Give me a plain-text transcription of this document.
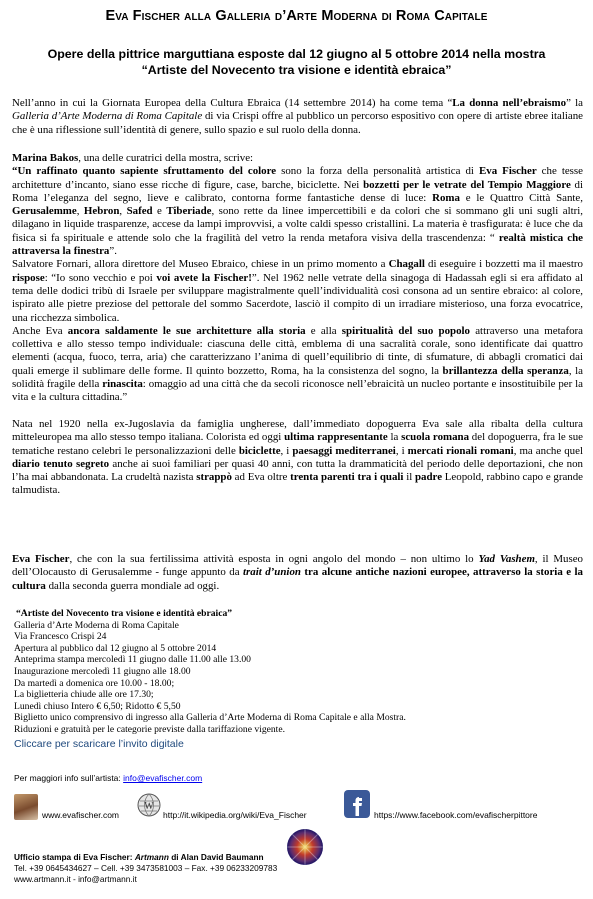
Eva Fischer alla Galleria d’Arte Moderna di Roma Capitale
Opere della pittrice marguttiana esposte dal 12 giugno al 5 ottobre 2014 nella mostra
“Artiste del Novecento tra visione e identità ebraica”
Nell’anno in cui la Giornata Europea della Cultura Ebraica (14 settembre 2014) ha come tema “La donna nell’ebraismo” la Galleria d’Arte Moderna di Roma Capitale di via Crispi offre al pubblico un percorso espositivo con opere di artiste ebree italiane che è una riflessione sull’identità di genere, sullo spazio e sul ruolo della donna.
Marina Bakos, una delle curatrici della mostra, scrive:
“Un raffinato quanto sapiente sfruttamento del colore sono la forza della personalità artistica di Eva Fischer che tesse architetture d’incanto, siano esse ricche di figure, case, barche, biciclette. Nei bozzetti per le vetrate del Tempio Maggiore di Roma l’eleganza del segno, lieve e calibrato, contorna forme fantastiche dense di luce: Roma e le Quattro Città Sante, Gerusalemme, Hebron, Safed e Tiberiade, sono rette da linee impercettibili e da colori che si sommano gli uni sugli altri, dilagano in liquide trasparenze, accese da lampi improvvisi, a volte caldi spesso cristallini. La materia è trasfigurata: è luce che da fisica si fa spirituale e attende solo che la fragilità del vetro la renda metafora visiva della trascendenza: “ realtà mistica che attraversa la finestra”.
Salvatore Fornari, allora direttore del Museo Ebraico, chiese in un primo momento a Chagall di eseguire i bozzetti ma il maestro rispose: “Io sono vecchio e poi voi avete la Fischer!”. Nel 1962 nelle vetrate della sinagoga di Hadassah egli si era affidato al tema delle dodici tribù di Israele per sviluppare magistralmente quell’individualità così consona ad un sentire ebraico: al colore, ispirato alle pietre preziose del pettorale del sommo Sacerdote, lasciò il compito di un irradiare misterioso, una forza evocatrice, una ricchezza simbolica.
Anche Eva ancora saldamente le sue architetture alla storia e alla spiritualità del suo popolo attraverso una metafora collettiva e allo stesso tempo individuale: ciascuna delle città, emblema di una sacralità corale, sono identificate dai quattro elementi (acqua, fuoco, terra, aria) che caratterizzano l’anima di quell’equilibrio di tinte, di sfumature, di abbagli cromatici dai quali emerge il sublimare delle forme. Il quinto bozzetto, Roma, ha la consistenza del sogno, la brillantezza della speranza, la solidità fragile della rinascita: omaggio ad una città che da secoli riconosce nell’ebraicità un nucleo portante e insostituibile per la vita e la cultura cittadina.”
Nata nel 1920 nella ex-Jugoslavia da famiglia ungherese, dall’immediato dopoguerra Eva sale alla ribalta della cultura mitteleuropea ma allo stesso tempo italiana. Colorista ed oggi ultima rappresentante la scuola romana del dopoguerra, fra le sue tematiche restano celebri le personalizzazioni delle biciclette, i paesaggi mediterranei, i mercati rionali romani, ma anche quel diario tenuto segreto anche ai suoi familiari per quasi 40 anni, con tutta la drammaticità del periodo delle deportazioni, che non l’ha mai abbandonata. La crudeltà nazista strappò ad Eva oltre trenta parenti tra i quali il padre Leopold, rabbino capo e grande talmudista.
Eva Fischer, che con la sua fertilissima attività esposta in ogni angolo del mondo – non ultimo lo Yad Vashem, il Museo dell’Olocausto di Gerusalemme - funge appunto da trait d’union tra alcune antiche nazioni europee, attraverso la storia e la cultura dalla seconda guerra mondiale ad oggi.
“Artiste del Novecento tra visione e identità ebraica”
Galleria d’Arte Moderna di Roma Capitale
Via Francesco Crispi 24
Apertura al pubblico dal 12 giugno al 5 ottobre 2014
Anteprima stampa mercoledì 11 giugno dalle 11.00 alle 13.00
Inaugurazione mercoledì 11 giugno alle 18.00
Da martedì a domenica ore 10.00 - 18.00;
La biglietteria chiude alle ore 17.30;
Lunedì chiuso Intero € 6,50; Ridotto € 5,50
Biglietto unico comprensivo di ingresso alla Galleria d’Arte Moderna di Roma Capitale e alla Mostra.
Riduzioni e gratuità per le categorie previste dalla tariffazione vigente.
Cliccare per scaricare l’invito digitale
Per maggiori info sull’artista: info@evafischer.com
www.evafischer.com
W
http://it.wikipedia.org/wiki/Eva_Fischer	https://www.facebook.com/evafischerpittore
Ufficio stampa di Eva Fischer: Artmann di Alan David Baumann
Tel. +39 0645434627 – Cell. +39 3473581003 – Fax. +39 06233209783
www.artmann.it - info@artmann.it
